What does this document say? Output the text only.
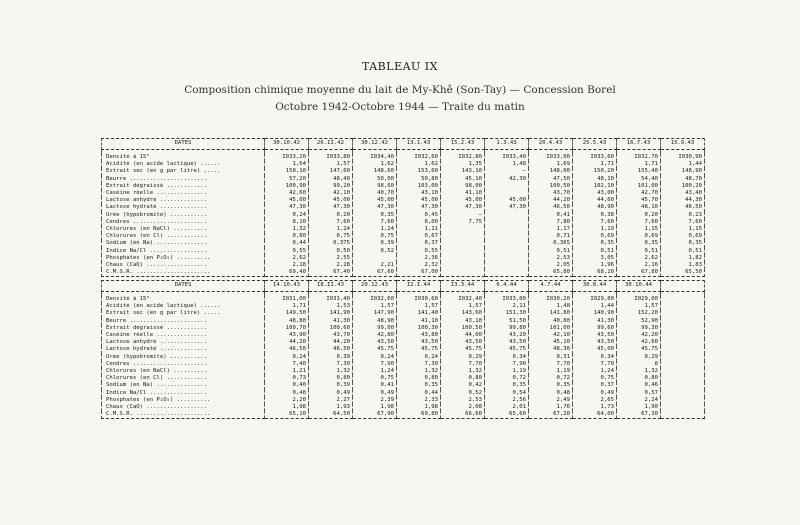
TABLEAU IX
Composition chimique moyenne du lait de My-Khê (Son-Tay) — Concession Borel
Octobre 1942-Octobre 1944 — Traite du matin
DATES	30.10.42	26.II.42	30.12.42	13.1.43	15.2.43	1.3.43	20.4.43	25.5.43	16.7.43	15.9.43

Densité à 15°	I033,20	I033,80	I034,40	I032,60	I032,80	I033,40	I033,00	I033,60	I032,70	I030,90
Acidité (en acide lactique) ......	1,64	1,57	1,62	1,62	1,35	1,48	1,69	1,71	1,71	1,44
Extrait sec (en g par litre) .....	158,10	147,60	148,60	153,60	143,10	–	148,00	150,20	155,40	148,90
Beurre .......................	57,20	48,40	50,00	50,80	45,10	42,30	47,50	48,10	54,40	48,70
Extrait dégraissé ............	100,90	99,20	98,60	103,00	98,00		100,50	102,10	101,00	100,20
Caséine réelle ...............	42,60	42,10	40,70	43,10	41,10		43,70	43,00	42,70	43,40
Lactose anhydre ..............	45,00	45,00	45,00	45,00	45,00	45,00	44,20	44,60	45,70	44,30
Lactose hydraté ..............	47,30	47,30	47,30	47,30	47,30	47,30	46,50	48,90	48,10	46,50
Urée (hypobromite) ...........	0,24	0,20	0,35	0,45	–		0,41	0,38	0,20	0,23
Cendres ......................	8,10	7,60	7,60	8,00	7,75		7,80	7,60	7,60	7,60
Chlorures (en NaCl) ..........	1,32	1,24	1,24	1,11			1,17	1,19	1,15	1,15
Chlorures (en Cl) ............	0,80	0,75	0,75	0,67			0,71	0,69	0,69	0,69
Sodium (en Na) ...............	0,44	0,375	0,39	0,37			0,365	0,35	0,35	0,35
Indice Na/Cl .................	0,55	0,50	0,52	0,55			0,51	0,51	0,51	0,51
Phosphates (en P₂O₅) ..........	2,62	2,55		2,36			2,53	3,05	2,62	1,82
Chaux (CaO) ..................	2,18	2,28	2,21	2,32			2,05	1,96	2,16	1,83
C.M.S.R. ......................	69,40	67,40	67,60	67,00			65,80	68,20	67,80	65,50
DATES	I4.10.43	I8.II.43	20.12.43	I2.I.44	I3.3.44	6.4.44	4.7.44	30.8.44	30.10.44	

Densité à 15°	I031,00	I031,40	I032,60	I030,60	I032,40	I033,00	I030,20	I029,80	I029,00	
Acidité (en acide lactique) ......	1,71	1,53	1,57	1,57	1,57	2,11	1,48	1,44	1,57	
Extrait sec (en g par litre) .....	149,50	141,90	147,90	141,40	143,60	151,30	141,80	140,90	152,20	
Beurre .......................	48,80	41,30	48,90	41,10	43,10	51,50	40,80	41,30	52,90	
Extrait dégraissé ............	100,70	100,60	99,00	100,30	100,50	99,80	101,00	99,60	99,30	
Caséine réelle ...............	43,90	43,70	42,80	43,80	44,00	43,20	42,10	43,50	42,20	
Lactose anhydre ..............	44,20	44,20	43,50	43,50	43,50	43,50	45,10	43,50	42,60	
Lactose hydraté ..............	46,50	46,50	45,75	45,75	45,75	45,75	48,30	45,00	45,75	
Urée (hypobromite) ...........	0,24	0,39	0,24	0,24	0,29	0,34	0,31	0,34	0,29	
Cendres ......................	7,40	7,30	7,90	7,30	7,70	7,90	7,70	7,70	8	
Chlorures (en NaCl) ..........	1,21	1,32	1,24	1,32	1,32	1,19	1,19	1,24	1,32	
Chlorures (en Cl) ............	0,73	0,80	0,75	0,80	0,80	0,72	0,72	0,75	0,80	
Sodium (en Na) ...............	0,40	0,39	0,41	0,35	0,42	0,35	0,35	0,37	0,46	
Indice Na/Cl .................	0,48	0,49	0,49	0,44	0,52	0,54	0,48	0,49	0,57	
Phosphates (en P₂O₅) ..........	2,20	2,27	2,39	2,33	2,53	2,56	2,49	2,65	2,24	
Chaux (CaO) ..................	1,98	1,93	1,98	1,98	2,08	2,01	1,76	1,73	1,90	
C.M.S.R. ......................	65,10	64,50	67,90	69,80	66,60	65,60	67,20	64,00	67,30	
